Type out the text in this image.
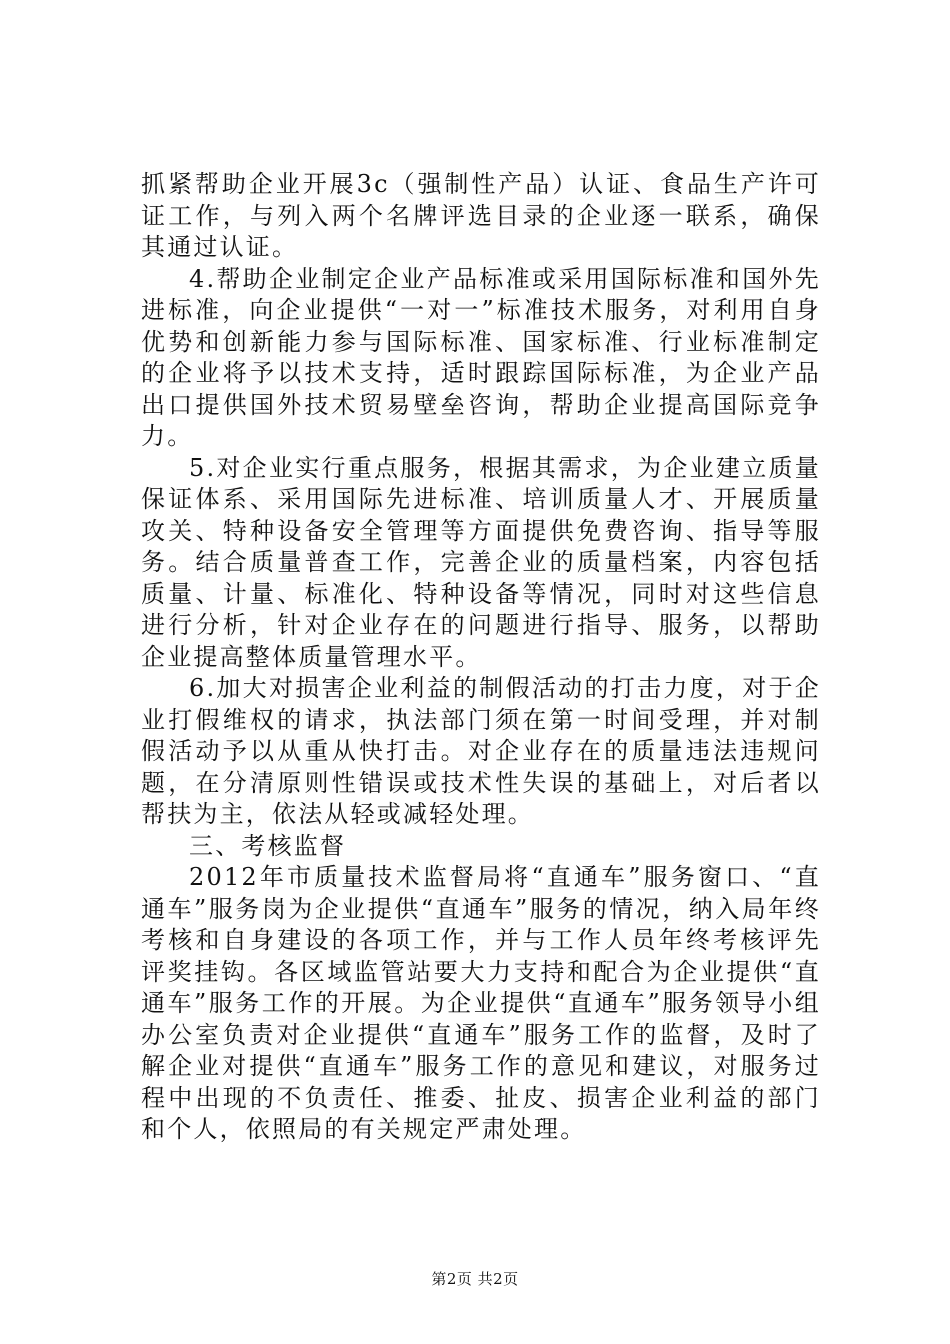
抓紧帮助企业开展3c（强制性产品）认证、食品生产许可证工作，与列入两个名牌评选目录的企业逐一联系，确保其通过认证。

4.帮助企业制定企业产品标准或采用国际标准和国外先进标准，向企业提供“一对一”标准技术服务，对利用自身优势和创新能力参与国际标准、国家标准、行业标准制定的企业将予以技术支持，适时跟踪国际标准，为企业产品出口提供国外技术贸易壁垒咨询，帮助企业提高国际竞争力。

5.对企业实行重点服务，根据其需求，为企业建立质量保证体系、采用国际先进标准、培训质量人才、开展质量攻关、特种设备安全管理等方面提供免费咨询、指导等服务。结合质量普查工作，完善企业的质量档案，内容包括质量、计量、标准化、特种设备等情况，同时对这些信息进行分析，针对企业存在的问题进行指导、服务，以帮助企业提高整体质量管理水平。

6.加大对损害企业利益的制假活动的打击力度，对于企业打假维权的请求，执法部门须在第一时间受理，并对制假活动予以从重从快打击。对企业存在的质量违法违规问题，在分清原则性错误或技术性失误的基础上，对后者以帮扶为主，依法从轻或减轻处理。

三、考核监督

2012年市质量技术监督局将“直通车”服务窗口、“直通车”服务岗为企业提供“直通车”服务的情况，纳入局年终考核和自身建设的各项工作，并与工作人员年终考核评先评奖挂钩。各区域监管站要大力支持和配合为企业提供“直通车”服务工作的开展。为企业提供“直通车”服务领导小组办公室负责对企业提供“直通车”服务工作的监督，及时了解企业对提供“直通车”服务工作的意见和建议，对服务过程中出现的不负责任、推委、扯皮、损害企业利益的部门和个人，依照局的有关规定严肃处理。

第2页 共2页
